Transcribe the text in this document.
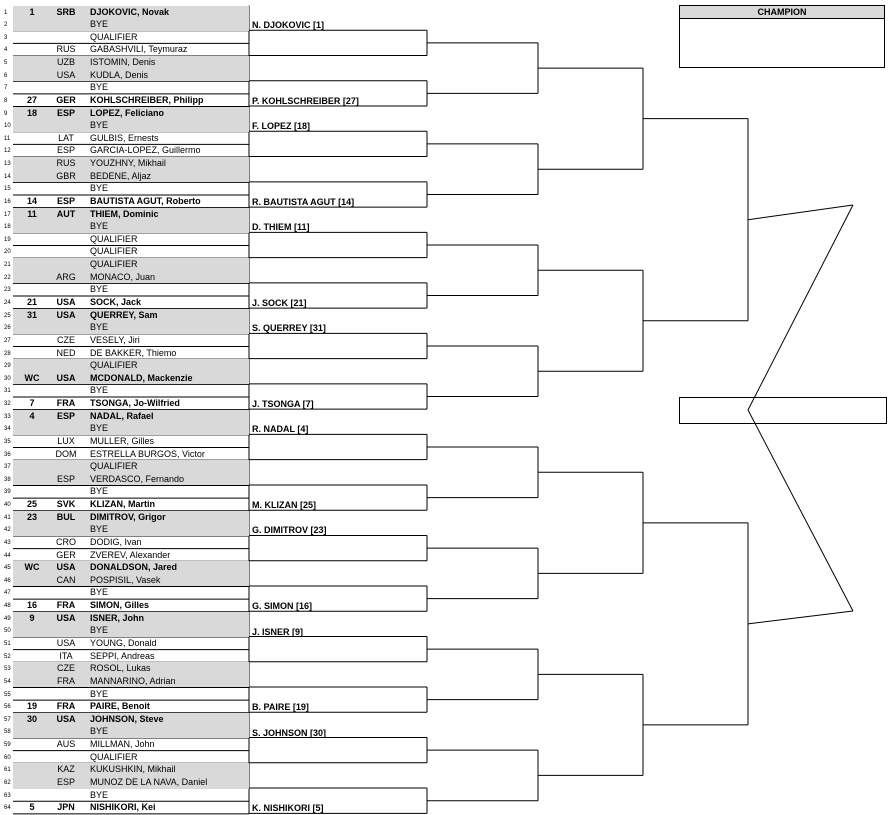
1	1	SRB	DJOKOVIC, Novak
2	BYE
3	QUALIFIER
4	RUS	GABASHVILI, Teymuraz
5	UZB	ISTOMIN, Denis
6	USA	KUDLA, Denis
7	BYE
8	27	GER	KOHLSCHREIBER, Philipp
9	18	ESP	LOPEZ, Feliciano
10	BYE
11	LAT	GULBIS, Ernests
12	ESP	GARCIA-LOPEZ, Guillermo
13	RUS	YOUZHNY, Mikhail
14	GBR	BEDENE, Aljaz
15	BYE
16	14	ESP	BAUTISTA AGUT, Roberto
17	11	AUT	THIEM, Dominic
18	BYE
19	QUALIFIER
20	QUALIFIER
21	QUALIFIER
22	ARG	MONACO, Juan
23	BYE
24	21	USA	SOCK, Jack
25	31	USA	QUERREY, Sam
26	BYE
27	CZE	VESELY, Jiri
28	NED	DE BAKKER, Thiemo
29	QUALIFIER
30	WC	USA	MCDONALD, Mackenzie
31	BYE
32	7	FRA	TSONGA, Jo-Wilfried
33	4	ESP	NADAL, Rafael
34	BYE
35	LUX	MULLER, Gilles
36	DOM	ESTRELLA BURGOS, Victor
37	QUALIFIER
38	ESP	VERDASCO, Fernando
39	BYE
40	25	SVK	KLIZAN, Martin
41	23	BUL	DIMITROV, Grigor
42	BYE
43	CRO	DODIG, Ivan
44	GER	ZVEREV, Alexander
45	WC	USA	DONALDSON, Jared
46	CAN	POSPISIL, Vasek
47	BYE
48	16	FRA	SIMON, Gilles
49	9	USA	ISNER, John
50	BYE
51	USA	YOUNG, Donald
52	ITA	SEPPI, Andreas
53	CZE	ROSOL, Lukas
54	FRA	MANNARINO, Adrian
55	BYE
56	19	FRA	PAIRE, Benoit
57	30	USA	JOHNSON, Steve
58	BYE
59	AUS	MILLMAN, John
60	QUALIFIER
61	KAZ	KUKUSHKIN, Mikhail
62	ESP	MUNOZ DE LA NAVA, Daniel
63	BYE
64	5	JPN	NISHIKORI, Kei
N. DJOKOVIC [1]
P. KOHLSCHREIBER [27]
F. LOPEZ [18]
R. BAUTISTA AGUT [14]
D. THIEM [11]
J. SOCK [21]
S. QUERREY [31]
J. TSONGA [7]
R. NADAL [4]
M. KLIZAN [25]
G. DIMITROV [23]
G. SIMON [16]
J. ISNER [9]
B. PAIRE [19]
S. JOHNSON [30]
K. NISHIKORI [5]
CHAMPION
